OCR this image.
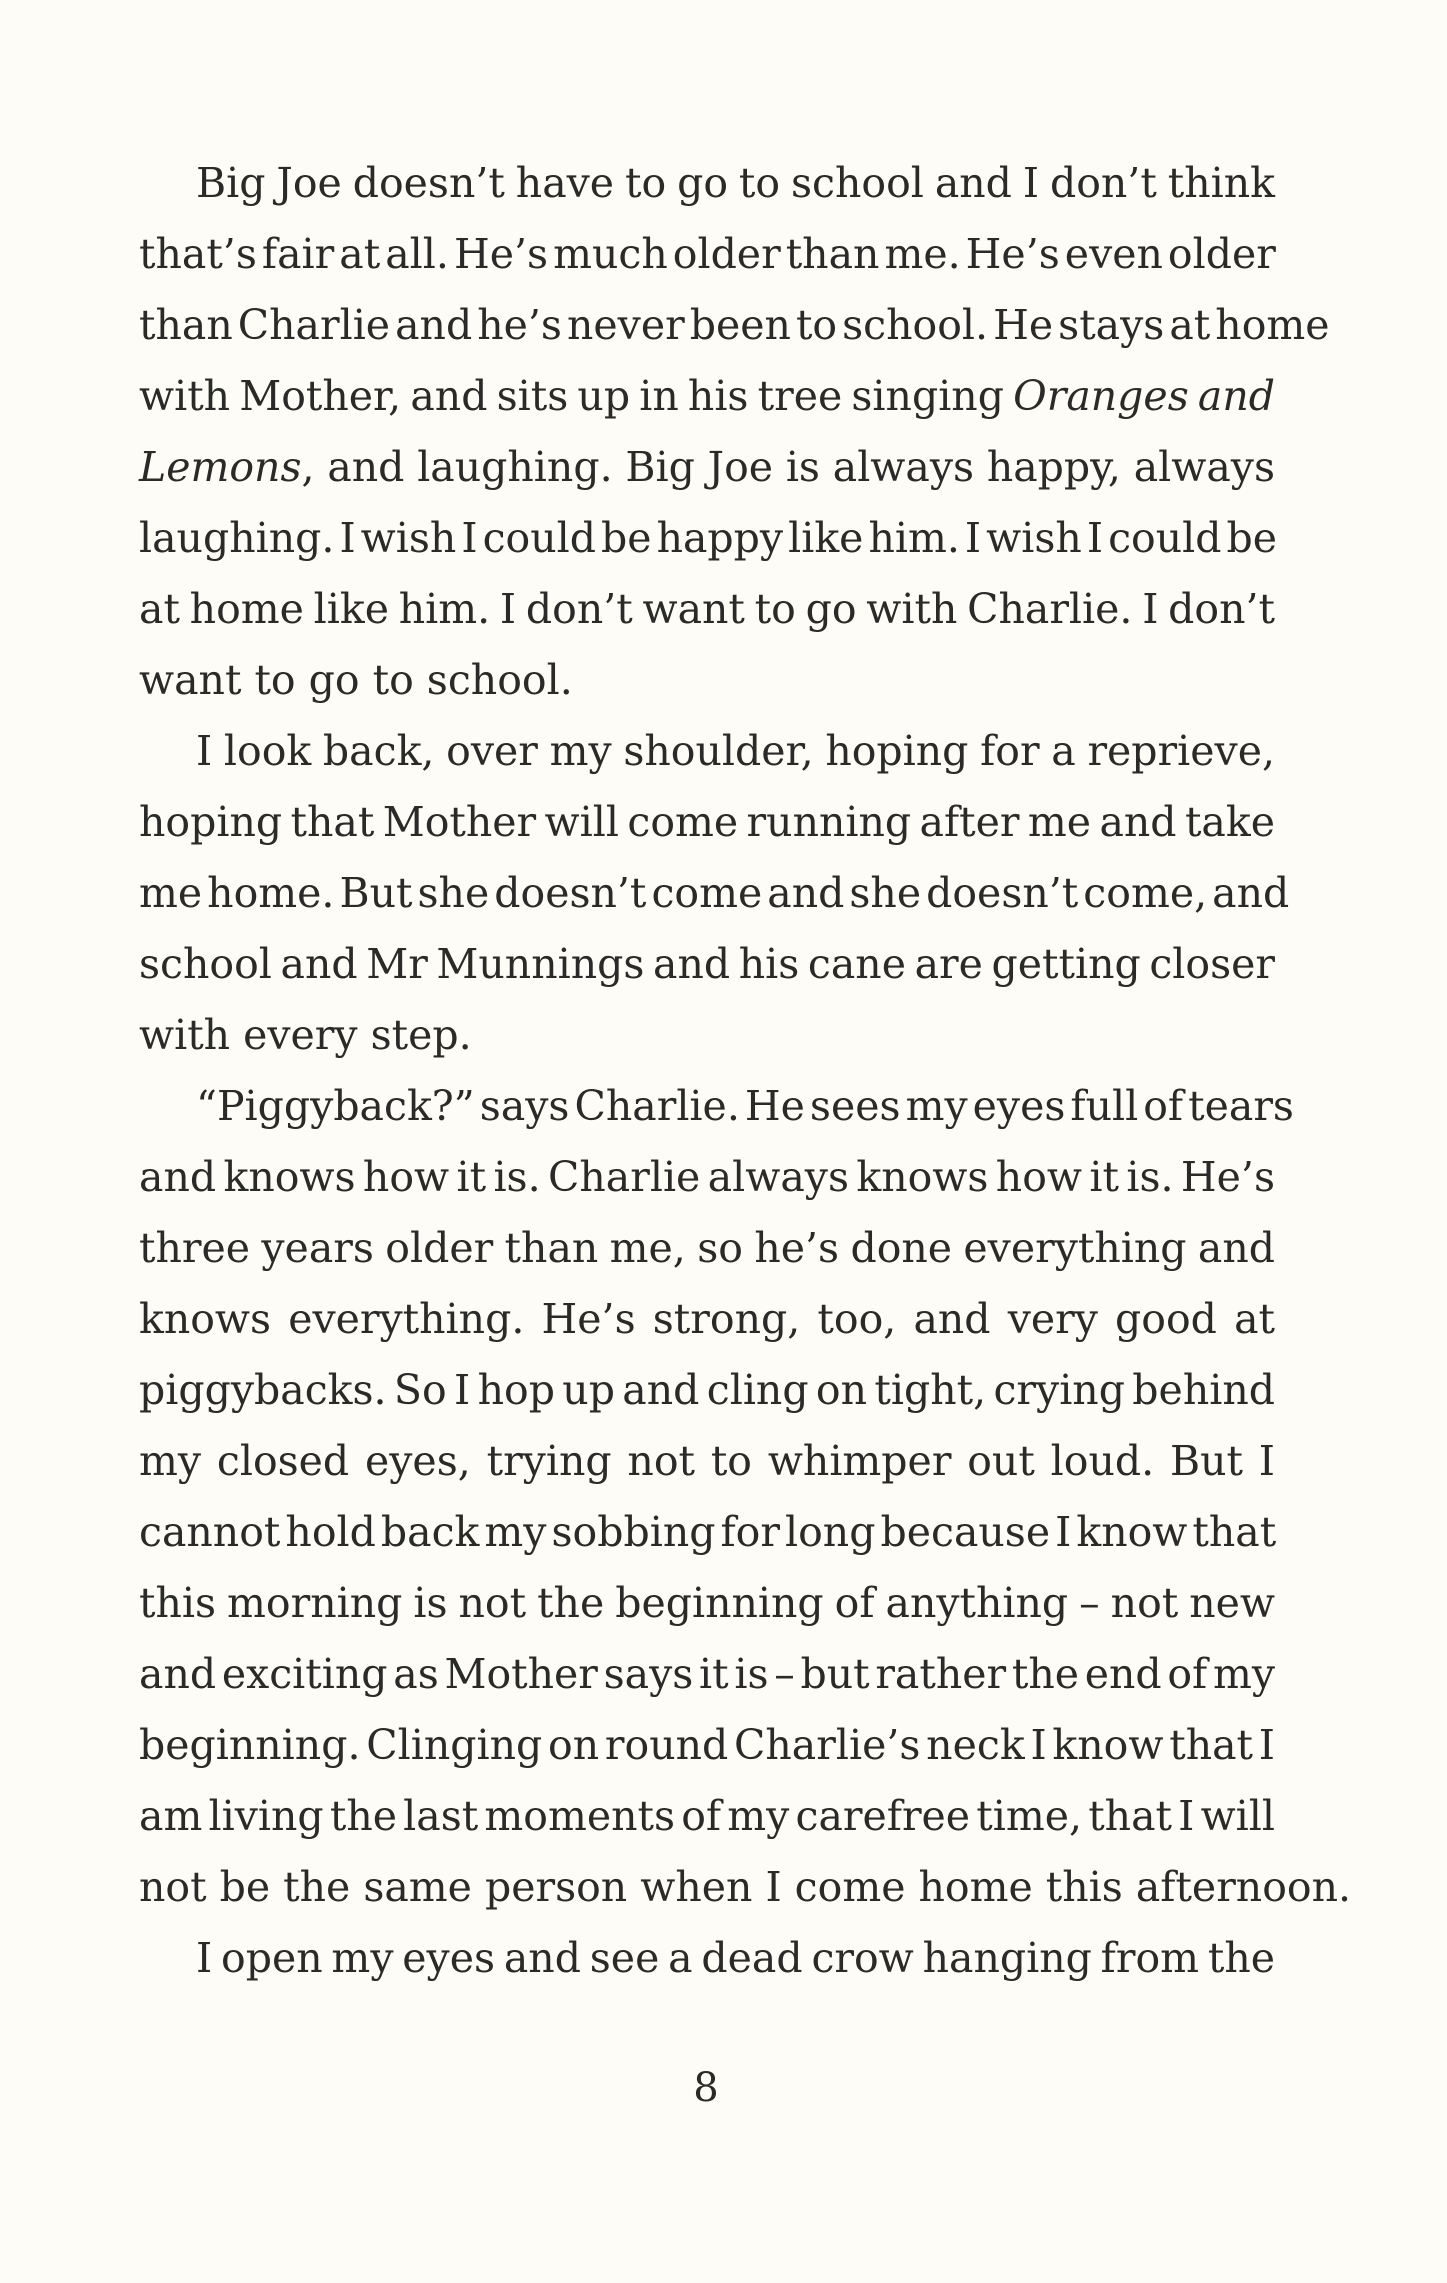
Big Joe doesn’t have to go to school and I don’t think
that’s fair at all. He’s much older than me. He’s even older
than Charlie and he’s never been to school. He stays at home
with Mother, and sits up in his tree singing Oranges and
Lemons, and laughing. Big Joe is always happy, always
laughing. I wish I could be happy like him. I wish I could be
at home like him. I don’t want to go with Charlie. I don’t
want to go to school.
I look back, over my shoulder, hoping for a reprieve,
hoping that Mother will come running after me and take
me home. But she doesn’t come and she doesn’t come, and
school and Mr Munnings and his cane are getting closer
with every step.
“Piggyback?” says Charlie. He sees my eyes full of tears
and knows how it is. Charlie always knows how it is. He’s
three years older than me, so he’s done everything and
knows everything. He’s strong, too, and very good at
piggybacks. So I hop up and cling on tight, crying behind
my closed eyes, trying not to whimper out loud. But I
cannot hold back my sobbing for long because I know that
this morning is not the beginning of anything – not new
and exciting as Mother says it is – but rather the end of my
beginning. Clinging on round Charlie’s neck I know that I
am living the last moments of my carefree time, that I will
not be the same person when I come home this afternoon.
I open my eyes and see a dead crow hanging from the
8
